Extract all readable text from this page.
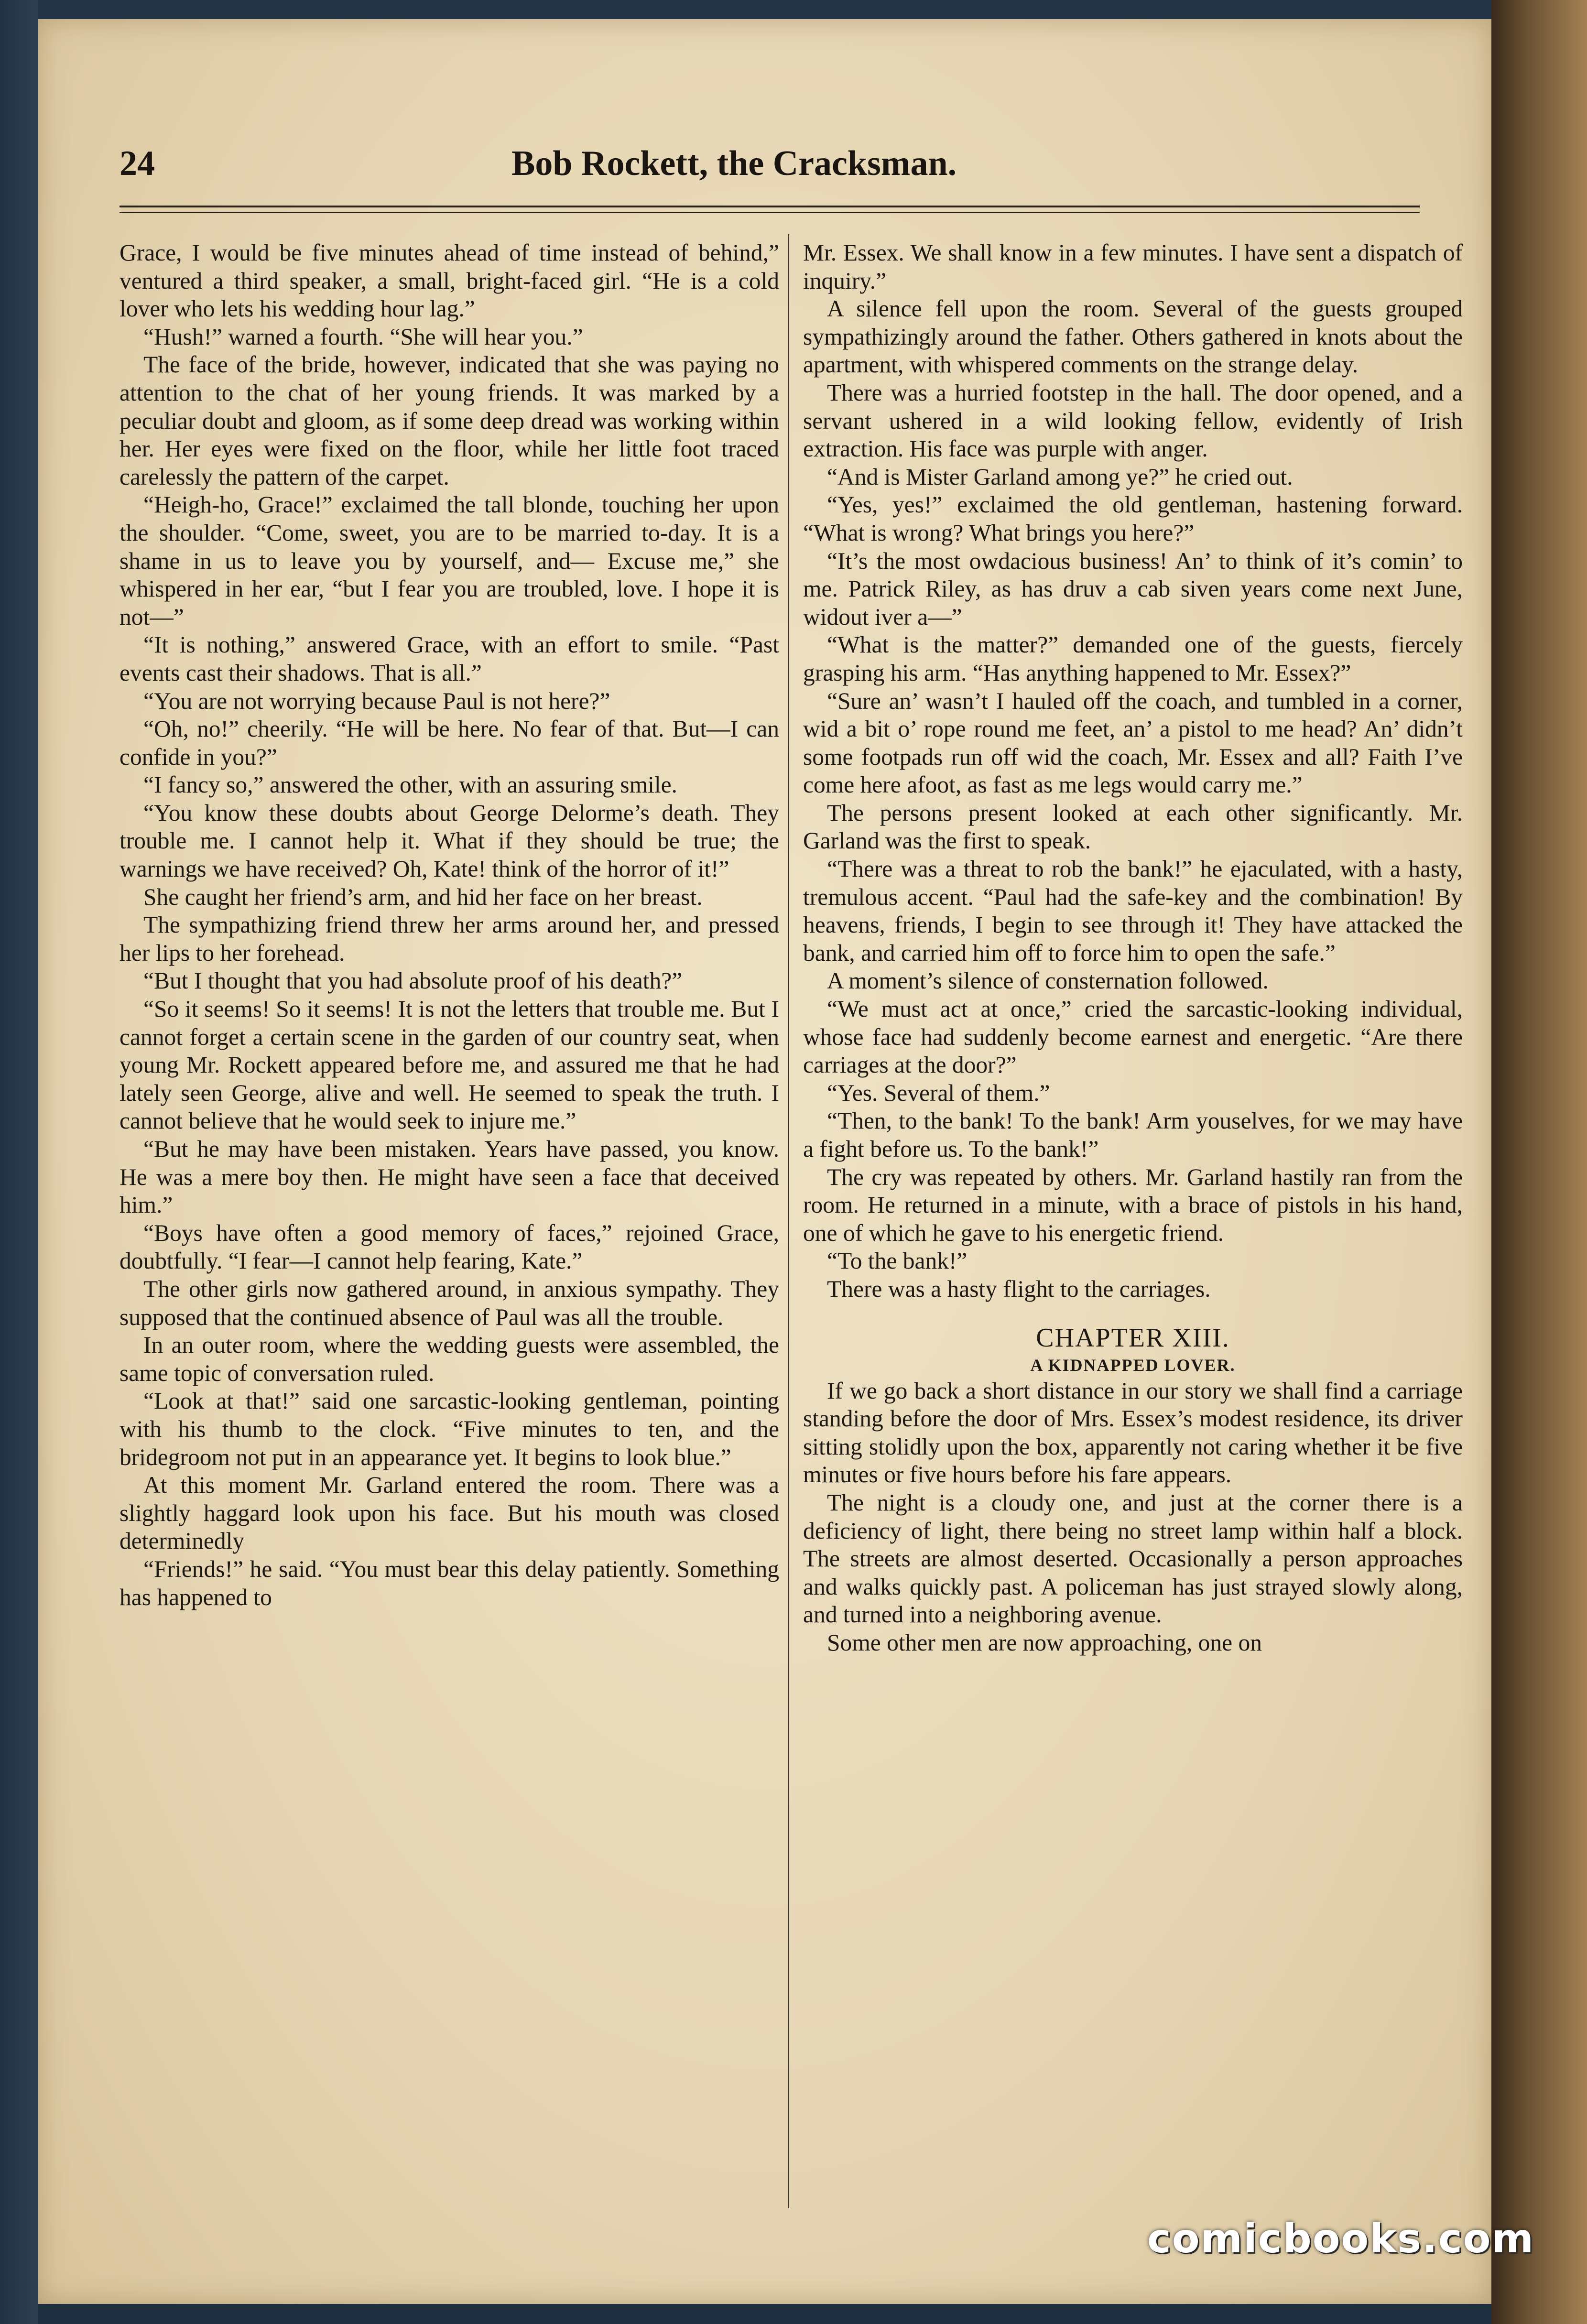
24	Bob Rockett, the Cracksman.

Grace, I would be five minutes ahead of time instead of behind,” ventured a third speaker, a small, bright-faced girl. “He is a cold lover who lets his wedding hour lag.”

“Hush!” warned a fourth. “She will hear you.”

The face of the bride, however, indicated that she was paying no attention to the chat of her young friends. It was marked by a peculiar doubt and gloom, as if some deep dread was working within her. Her eyes were fixed on the floor, while her little foot traced carelessly the pattern of the carpet.

“Heigh-ho, Grace!” exclaimed the tall blonde, touching her upon the shoulder. “Come, sweet, you are to be married to-day. It is a shame in us to leave you by yourself, and— Excuse me,” she whispered in her ear, “but I fear you are troubled, love. I hope it is not—”

“It is nothing,” answered Grace, with an effort to smile. “Past events cast their shadows. That is all.”

“You are not worrying because Paul is not here?”

“Oh, no!” cheerily. “He will be here. No fear of that. But—I can confide in you?”

“I fancy so,” answered the other, with an assuring smile.

“You know these doubts about George Delorme’s death. They trouble me. I cannot help it. What if they should be true; the warnings we have received? Oh, Kate! think of the horror of it!”

She caught her friend’s arm, and hid her face on her breast.

The sympathizing friend threw her arms around her, and pressed her lips to her forehead.

“But I thought that you had absolute proof of his death?”

“So it seems! So it seems! It is not the letters that trouble me. But I cannot forget a certain scene in the garden of our country seat, when young Mr. Rockett appeared before me, and assured me that he had lately seen George, alive and well. He seemed to speak the truth. I cannot believe that he would seek to injure me.”

“But he may have been mistaken. Years have passed, you know. He was a mere boy then. He might have seen a face that deceived him.”

“Boys have often a good memory of faces,” rejoined Grace, doubtfully. “I fear—I cannot help fearing, Kate.”

The other girls now gathered around, in anxious sympathy. They supposed that the continued absence of Paul was all the trouble.

In an outer room, where the wedding guests were assembled, the same topic of conversation ruled.

“Look at that!” said one sarcastic-looking gentleman, pointing with his thumb to the clock. “Five minutes to ten, and the bridegroom not put in an appearance yet. It begins to look blue.”

At this moment Mr. Garland entered the room. There was a slightly haggard look upon his face. But his mouth was closed determinedly

“Friends!” he said. “You must bear this delay patiently. Something has happened to

Mr. Essex. We shall know in a few minutes. I have sent a dispatch of inquiry.”

A silence fell upon the room. Several of the guests grouped sympathizingly around the father. Others gathered in knots about the apartment, with whispered comments on the strange delay.

There was a hurried footstep in the hall. The door opened, and a servant ushered in a wild looking fellow, evidently of Irish extraction. His face was purple with anger.

“And is Mister Garland among ye?” he cried out.

“Yes, yes!” exclaimed the old gentleman, hastening forward. “What is wrong? What brings you here?”

“It’s the most owdacious business! An’ to think of it’s comin’ to me. Patrick Riley, as has druv a cab siven years come next June, widout iver a—”

“What is the matter?” demanded one of the guests, fiercely grasping his arm. “Has anything happened to Mr. Essex?”

“Sure an’ wasn’t I hauled off the coach, and tumbled in a corner, wid a bit o’ rope round me feet, an’ a pistol to me head? An’ didn’t some footpads run off wid the coach, Mr. Essex and all? Faith I’ve come here afoot, as fast as me legs would carry me.”

The persons present looked at each other significantly. Mr. Garland was the first to speak.

“There was a threat to rob the bank!” he ejaculated, with a hasty, tremulous accent. “Paul had the safe-key and the combination! By heavens, friends, I begin to see through it! They have attacked the bank, and carried him off to force him to open the safe.”

A moment’s silence of consternation followed.

“We must act at once,” cried the sarcastic-looking individual, whose face had suddenly become earnest and energetic. “Are there carriages at the door?”

“Yes. Several of them.”

“Then, to the bank! To the bank! Arm youselves, for we may have a fight before us. To the bank!”

The cry was repeated by others. Mr. Garland hastily ran from the room. He returned in a minute, with a brace of pistols in his hand, one of which he gave to his energetic friend.

“To the bank!”

There was a hasty flight to the carriages.

CHAPTER XIII.
A KIDNAPPED LOVER.

If we go back a short distance in our story we shall find a carriage standing before the door of Mrs. Essex’s modest residence, its driver sitting stolidly upon the box, apparently not caring whether it be five minutes or five hours before his fare appears.

The night is a cloudy one, and just at the corner there is a deficiency of light, there being no street lamp within half a block. The streets are almost deserted. Occasionally a person approaches and walks quickly past. A policeman has just strayed slowly along, and turned into a neighboring avenue.

Some other men are now approaching, one on

comicbooks.com
